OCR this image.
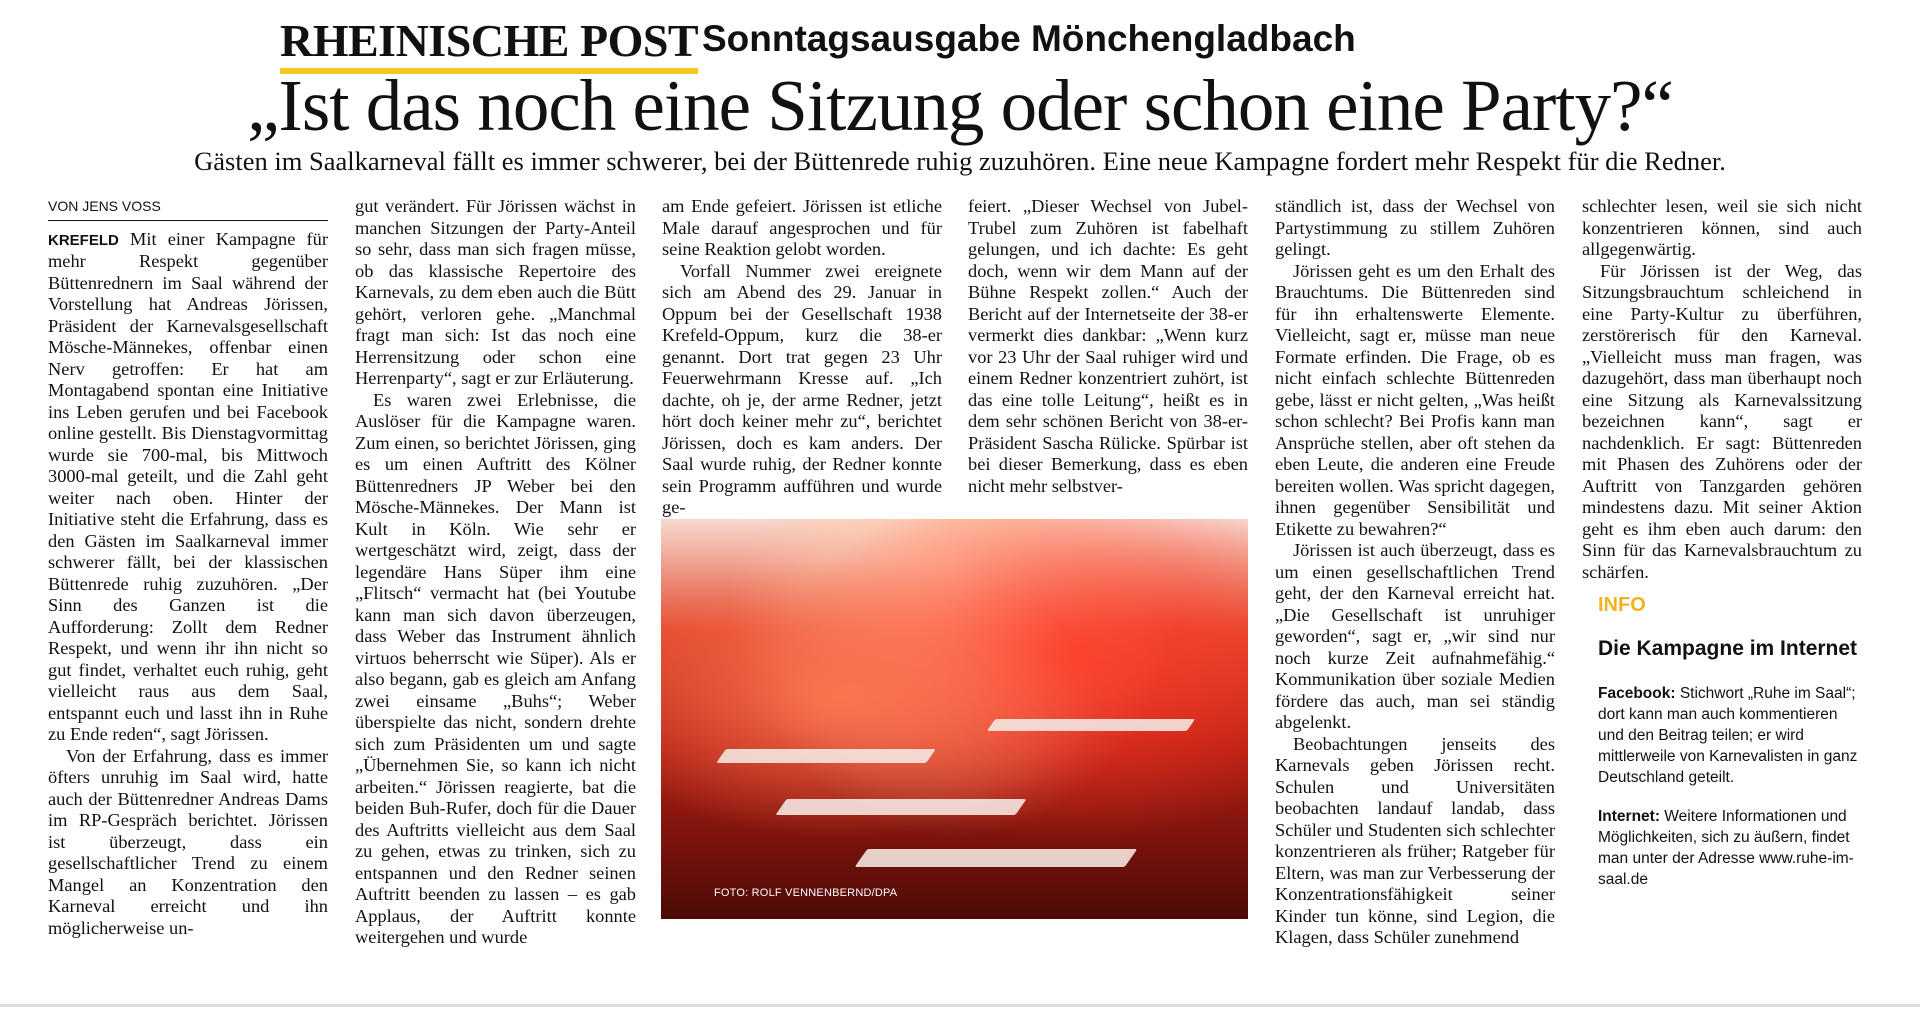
RHEINISCHE POST Sonntagsausgabe Mönchengladbach
„Ist das noch eine Sitzung oder schon eine Party?“

Gästen im Saalkarneval fällt es immer schwerer, bei der Büttenrede ruhig zuzuhören. Eine neue Kampagne fordert mehr Respekt für die Redner.

VON JENS VOSS

KREFELD Mit einer Kampagne für mehr Respekt gegenüber Büttenrednern im Saal während der Vorstellung hat Andreas Jörissen, Präsident der Karnevalsgesellschaft Mösche-Männekes, offenbar einen Nerv getroffen: Er hat am Montagabend spontan eine Initiative ins Leben gerufen und bei Facebook online gestellt. Bis Dienstagvormittag wurde sie 700-mal, bis Mittwoch 3000-mal geteilt, und die Zahl geht weiter nach oben. Hinter der Initiative steht die Erfahrung, dass es den Gästen im Saalkarneval immer schwerer fällt, bei der klassischen Büttenrede ruhig zuzuhören. „Der Sinn des Ganzen ist die Aufforderung: Zollt dem Redner Respekt, und wenn ihr ihn nicht so gut findet, verhaltet euch ruhig, geht vielleicht raus aus dem Saal, entspannt euch und lasst ihn in Ruhe zu Ende reden“, sagt Jörissen.

Von der Erfahrung, dass es immer öfters unruhig im Saal wird, hatte auch der Büttenredner Andreas Dams im RP-Gespräch berichtet. Jörissen ist überzeugt, dass ein gesellschaftlicher Trend zu einem Mangel an Konzentration den Karneval erreicht und ihn möglicherweise un-

gut verändert. Für Jörissen wächst in manchen Sitzungen der Party-Anteil so sehr, dass man sich fragen müsse, ob das klassische Repertoire des Karnevals, zu dem eben auch die Bütt gehört, verloren gehe. „Manchmal fragt man sich: Ist das noch eine Herrensitzung oder schon eine Herrenparty“, sagt er zur Erläuterung.

Es waren zwei Erlebnisse, die Auslöser für die Kampagne waren. Zum einen, so berichtet Jörissen, ging es um einen Auftritt des Kölner Büttenredners JP Weber bei den Mösche-Männekes. Der Mann ist Kult in Köln. Wie sehr er wertgeschätzt wird, zeigt, dass der legendäre Hans Süper ihm eine „Flitsch“ vermacht hat (bei Youtube kann man sich davon überzeugen, dass Weber das Instrument ähnlich virtuos beherrscht wie Süper). Als er also begann, gab es gleich am Anfang zwei einsame „Buhs“; Weber überspielte das nicht, sondern drehte sich zum Präsidenten um und sagte „Übernehmen Sie, so kann ich nicht arbeiten.“ Jörissen reagierte, bat die beiden Buh-Rufer, doch für die Dauer des Auftritts vielleicht aus dem Saal zu gehen, etwas zu trinken, sich zu entspannen und den Redner seinen Auftritt beenden zu lassen – es gab Applaus, der Auftritt konnte weitergehen und wurde

am Ende gefeiert. Jörissen ist etliche Male darauf angesprochen und für seine Reaktion gelobt worden.

Vorfall Nummer zwei ereignete sich am Abend des 29. Januar in Oppum bei der Gesellschaft 1938 Krefeld-Oppum, kurz die 38-er genannt. Dort trat gegen 23 Uhr Feuerwehrmann Kresse auf. „Ich dachte, oh je, der arme Redner, jetzt hört doch keiner mehr zu“, berichtet Jörissen, doch es kam anders. Der Saal wurde ruhig, der Redner konnte sein Programm aufführen und wurde ge-

feiert. „Dieser Wechsel von Jubel-Trubel zum Zuhören ist fabelhaft gelungen, und ich dachte: Es geht doch, wenn wir dem Mann auf der Bühne Respekt zollen.“ Auch der Bericht auf der Internetseite der 38-er vermerkt dies dankbar: „Wenn kurz vor 23 Uhr der Saal ruhiger wird und einem Redner konzentriert zuhört, ist das eine tolle Leitung“, heißt es in dem sehr schönen Bericht von 38-er-Präsident Sascha Rülicke. Spürbar ist bei dieser Bemerkung, dass es eben nicht mehr selbstver-

FOTO: ROLF VENNENBERND/DPA

ständlich ist, dass der Wechsel von Partystimmung zu stillem Zuhören gelingt.

Jörissen geht es um den Erhalt des Brauchtums. Die Büttenreden sind für ihn erhaltenswerte Elemente. Vielleicht, sagt er, müsse man neue Formate erfinden. Die Frage, ob es nicht einfach schlechte Büttenreden gebe, lässt er nicht gelten, „Was heißt schon schlecht? Bei Profis kann man Ansprüche stellen, aber oft stehen da eben Leute, die anderen eine Freude bereiten wollen. Was spricht dagegen, ihnen gegenüber Sensibilität und Etikette zu bewahren?“

Jörissen ist auch überzeugt, dass es um einen gesellschaftlichen Trend geht, der den Karneval erreicht hat. „Die Gesellschaft ist unruhiger geworden“, sagt er, „wir sind nur noch kurze Zeit aufnahmefähig.“ Kommunikation über soziale Medien fördere das auch, man sei ständig abgelenkt.

Beobachtungen jenseits des Karnevals geben Jörissen recht. Schulen und Universitäten beobachten landauf landab, dass Schüler und Studenten sich schlechter konzentrieren als früher; Ratgeber für Eltern, was man zur Verbesserung der Konzentrationsfähigkeit seiner Kinder tun könne, sind Legion, die Klagen, dass Schüler zunehmend

schlechter lesen, weil sie sich nicht konzentrieren können, sind auch allgegenwärtig.

Für Jörissen ist der Weg, das Sitzungsbrauchtum schleichend in eine Party-Kultur zu überführen, zerstörerisch für den Karneval. „Vielleicht muss man fragen, was dazugehört, dass man überhaupt noch eine Sitzung als Karnevalssitzung bezeichnen kann“, sagt er nachdenklich. Er sagt: Büttenreden mit Phasen des Zuhörens oder der Auftritt von Tanzgarden gehören mindestens dazu. Mit seiner Aktion geht es ihm eben auch darum: den Sinn für das Karnevalsbrauchtum zu schärfen.

INFO
Die Kampagne im Internet
Facebook: Stichwort „Ruhe im Saal“; dort kann man auch kommentieren und den Beitrag teilen; er wird mittlerweile von Karnevalisten in ganz Deutschland geteilt.
Internet: Weitere Informationen und Möglichkeiten, sich zu äußern, findet man unter der Adresse www.ruhe-im-saal.de
